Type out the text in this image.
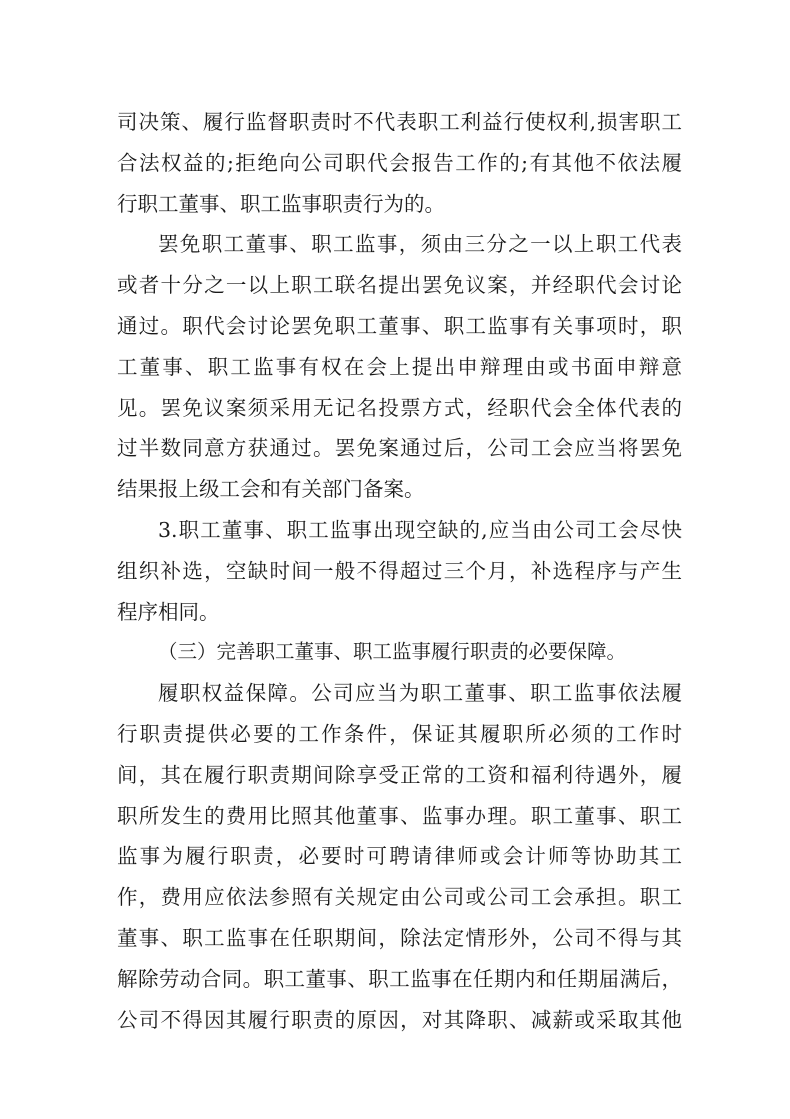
司决策、履行监督职责时不代表职工利益行使权利,损害职工
合法权益的;拒绝向公司职代会报告工作的;有其他不依法履
行职工董事、职工监事职责行为的。
罢免职工董事、职工监事，须由三分之一以上职工代表
或者十分之一以上职工联名提出罢免议案，并经职代会讨论
通过。职代会讨论罢免职工董事、职工监事有关事项时，职
工董事、职工监事有权在会上提出申辩理由或书面申辩意
见。罢免议案须采用无记名投票方式，经职代会全体代表的
过半数同意方获通过。罢免案通过后，公司工会应当将罢免
结果报上级工会和有关部门备案。
3.职工董事、职工监事出现空缺的,应当由公司工会尽快
组织补选，空缺时间一般不得超过三个月，补选程序与产生
程序相同。
（三）完善职工董事、职工监事履行职责的必要保障。
履职权益保障。公司应当为职工董事、职工监事依法履
行职责提供必要的工作条件，保证其履职所必须的工作时
间，其在履行职责期间除享受正常的工资和福利待遇外，履
职所发生的费用比照其他董事、监事办理。职工董事、职工
监事为履行职责，必要时可聘请律师或会计师等协助其工
作，费用应依法参照有关规定由公司或公司工会承担。职工
董事、职工监事在任职期间，除法定情形外，公司不得与其
解除劳动合同。职工董事、职工监事在任期内和任期届满后，
公司不得因其履行职责的原因，对其降职、减薪或采取其他
